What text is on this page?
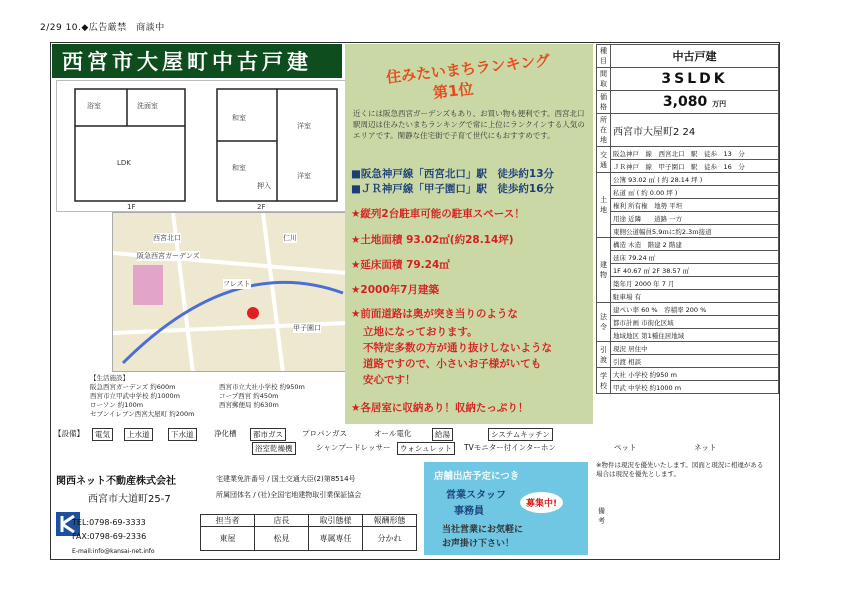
2/29 10.◆広告厳禁　商談中
西宮市大屋町中古戸建
浴室	洗面室
LDK
和室
洋室
和室
押入
洋室
2F
1F
阪急西宮ガーデンズ
西宮北口	仁川
甲子園口
フレスト
【生活施設】
阪急西宮ガーデンズ 約600m	西宮市立大社小学校 約950m
西宮市立甲武中学校 約1000m	コープ西宮 約450m
ローソン 約100m	西宮郵便局 約630m
セブンイレブン西宮大屋町 約200m
住みたいまちランキング
第1位
近くには阪急西宮ガーデンズもあり、お買い物も便利です。西宮北口駅周辺は住みたいまちランキングで常に上位にランクインする人気のエリアです。閑静な住宅街で子育て世代にもおすすめです。
■阪急神戸線「西宮北口」駅　徒歩約13分
■ＪＲ神戸線「甲子園口」駅　徒歩約16分
★縦列2台駐車可能の駐車スペース！
★土地面積 93.02㎡(約28.14坪)
★延床面積 79.24㎡
★2000年7月建築
★前面道路は奥が突き当りのような
立地になっております。
不特定多数の方が通り抜けしないような
道路ですので、小さいお子様がいても
安心です！
★各居室に収納あり！収納たっぷり！
種目	中古戸建
間取	3SLDK
価格	3,080 万円
所在地	西宮市大屋町2 24
交通	阪急神戸　線　西宮北口　駅　徒歩　13　分
	ＪＲ神戸　線　甲子園口　駅　徒歩　16　分
土地	公簿 93.02 ㎡ ( 約 28.14 坪 )
	私道 ㎡ ( 約 0.00 坪 )
	権利 所有権　地勢 平坦
	用途 近隣　　道路 一方
	東側公道幅員5.9ｍに約2.3ｍ接道
建物	構造 木造　階建 2 階建
	延床 79.24 ㎡
	1F 40.67 ㎡ 2F 38.57 ㎡
	築年月 2000 年 7 月
	駐車場 有
法令	建ぺい率 60 %　容積率 200 %
	都市計画 市街化区域
	地域地区 第1種住居地域
引渡	現況 居住中
	引渡 相談
学校	大社 小学校 約950 m
	甲武 中学校 約1000 m
【設備】	電気	上水道	下水道	浄化槽	都市ガス	プロパンガス	オール電化	給湯	システムキッチン
浴室乾燥機	シャンプードレッサー	ウォシュレット	TVモニター付インターホン	ペット	ネット
関西ネット不動産株式会社
西宮市大道町25-7
宅建業免許番号 / 国土交通大臣(2)第8514号
所属団体名 / (社)全国宅地建物取引業保証協会
TEL:0798-69-3333
FAX:0798-69-2336
E-mail:info@kansai-net.info
担当者	店長	取引態様	報酬形態
東屋	松見	専属専任	分かれ
店舗出店予定につき
営業スタッフ
事務員
募集中!
当社営業にお気軽に
お声掛け下さい！
※物件は現況を優先いたします。図面と現況に相違がある場合は現況を優先とします。
備考
